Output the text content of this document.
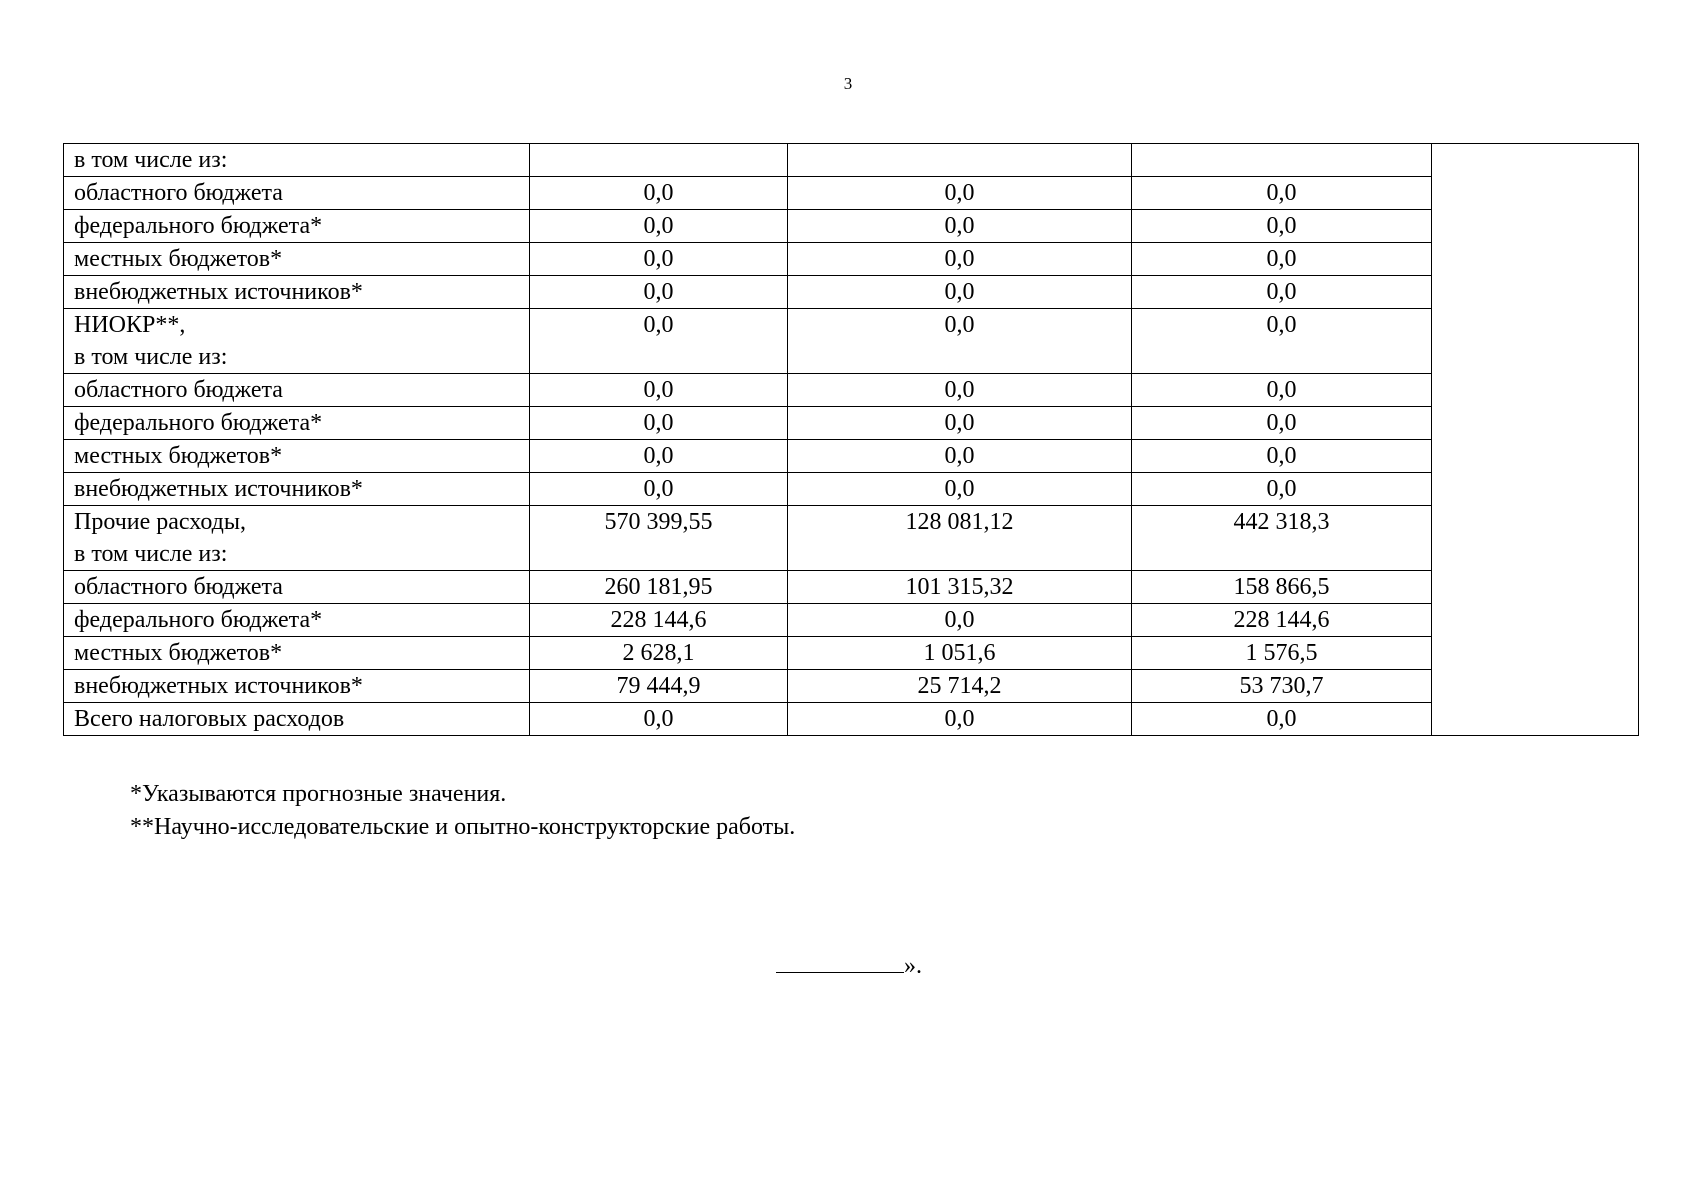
3
в том числе из:				

областного бюджета	0,0	0,0	0,0	

федерального бюджета*	0,0	0,0	0,0	

местных бюджетов*	0,0	0,0	0,0	

внебюджетных источников*	0,0	0,0	0,0	

НИОКР**,
в том числе из:	0,0	0,0	0,0	

областного бюджета	0,0	0,0	0,0	

федерального бюджета*	0,0	0,0	0,0	

местных бюджетов*	0,0	0,0	0,0	

внебюджетных источников*	0,0	0,0	0,0	

Прочие расходы,
в том числе из:	570 399,55	128 081,12	442 318,3	

областного бюджета	260 181,95	101 315,32	158 866,5	

федерального бюджета*	228 144,6	0,0	228 144,6	

местных бюджетов*	2 628,1	1 051,6	1 576,5	

внебюджетных источников*	79 444,9	25 714,2	53 730,7	

Всего налоговых расходов	0,0	0,0	0,0	
*Указываются прогнозные значения.
**Научно-исследовательские и опытно-конструкторские работы.
».
